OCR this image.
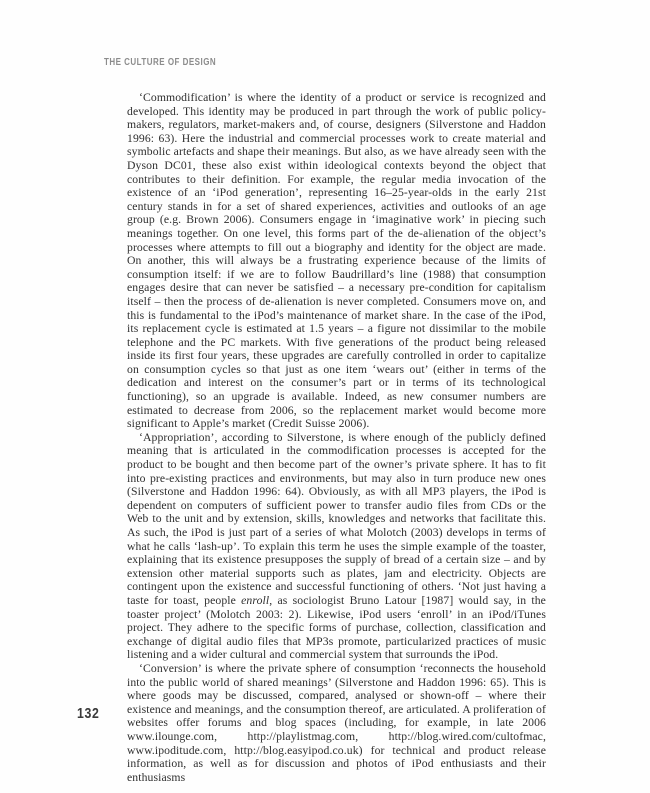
THE CULTURE OF DESIGN

‘Commodification’ is where the identity of a product or service is recognized and developed. This identity may be produced in part through the work of public policy-makers, regulators, market-makers and, of course, designers (Silverstone and Haddon 1996: 63). Here the industrial and commercial processes work to create material and symbolic artefacts and shape their meanings. But also, as we have already seen with the Dyson DC01, these also exist within ideological contexts beyond the object that contributes to their definition. For example, the regular media invocation of the existence of an ‘iPod generation’, representing 16–25-year-olds in the early 21st century stands in for a set of shared experiences, activities and outlooks of an age group (e.g. Brown 2006). Consumers engage in ‘imaginative work’ in piecing such meanings together. On one level, this forms part of the de-alienation of the object’s processes where attempts to fill out a biography and identity for the object are made. On another, this will always be a frustrating experience because of the limits of consumption itself: if we are to follow Baudrillard’s line (1988) that consumption engages desire that can never be satisfied – a necessary pre-condition for capitalism itself – then the process of de-alienation is never completed. Consumers move on, and this is fundamental to the iPod’s maintenance of market share. In the case of the iPod, its replacement cycle is estimated at 1.5 years – a figure not dissimilar to the mobile telephone and the PC markets. With five generations of the product being released inside its first four years, these upgrades are carefully controlled in order to capitalize on consumption cycles so that just as one item ‘wears out’ (either in terms of the dedication and interest on the consumer’s part or in terms of its technological functioning), so an upgrade is available. Indeed, as new consumer numbers are estimated to decrease from 2006, so the replacement market would become more significant to Apple’s market (Credit Suisse 2006).

‘Appropriation’, according to Silverstone, is where enough of the publicly defined meaning that is articulated in the commodification processes is accepted for the product to be bought and then become part of the owner’s private sphere. It has to fit into pre-existing practices and environments, but may also in turn produce new ones (Silverstone and Haddon 1996: 64). Obviously, as with all MP3 players, the iPod is dependent on computers of sufficient power to transfer audio files from CDs or the Web to the unit and by extension, skills, knowledges and networks that facilitate this. As such, the iPod is just part of a series of what Molotch (2003) develops in terms of what he calls ‘lash-up’. To explain this term he uses the simple example of the toaster, explaining that its existence presupposes the supply of bread of a certain size – and by extension other material supports such as plates, jam and electricity. Objects are contingent upon the existence and successful functioning of others. ‘Not just having a taste for toast, people enroll, as sociologist Bruno Latour [1987] would say, in the toaster project’ (Molotch 2003: 2). Likewise, iPod users ‘enroll’ in an iPod/iTunes project. They adhere to the specific forms of purchase, collection, classification and exchange of digital audio files that MP3s promote, particularized practices of music listening and a wider cultural and commercial system that surrounds the iPod.

‘Conversion’ is where the private sphere of consumption ‘reconnects the household into the public world of shared meanings’ (Silverstone and Haddon 1996: 65). This is where goods may be discussed, compared, analysed or shown-off – where their existence and meanings, and the consumption thereof, are articulated. A proliferation of websites offer forums and blog spaces (including, for example, in late 2006 www.ilounge.com, http://playlistmag.com, http://blog.wired.com/cultofmac, www.ipoditude.com, http://blog.easyipod.co.uk) for technical and product release information, as well as for discussion and photos of iPod enthusiasts and their enthusiasms

132
